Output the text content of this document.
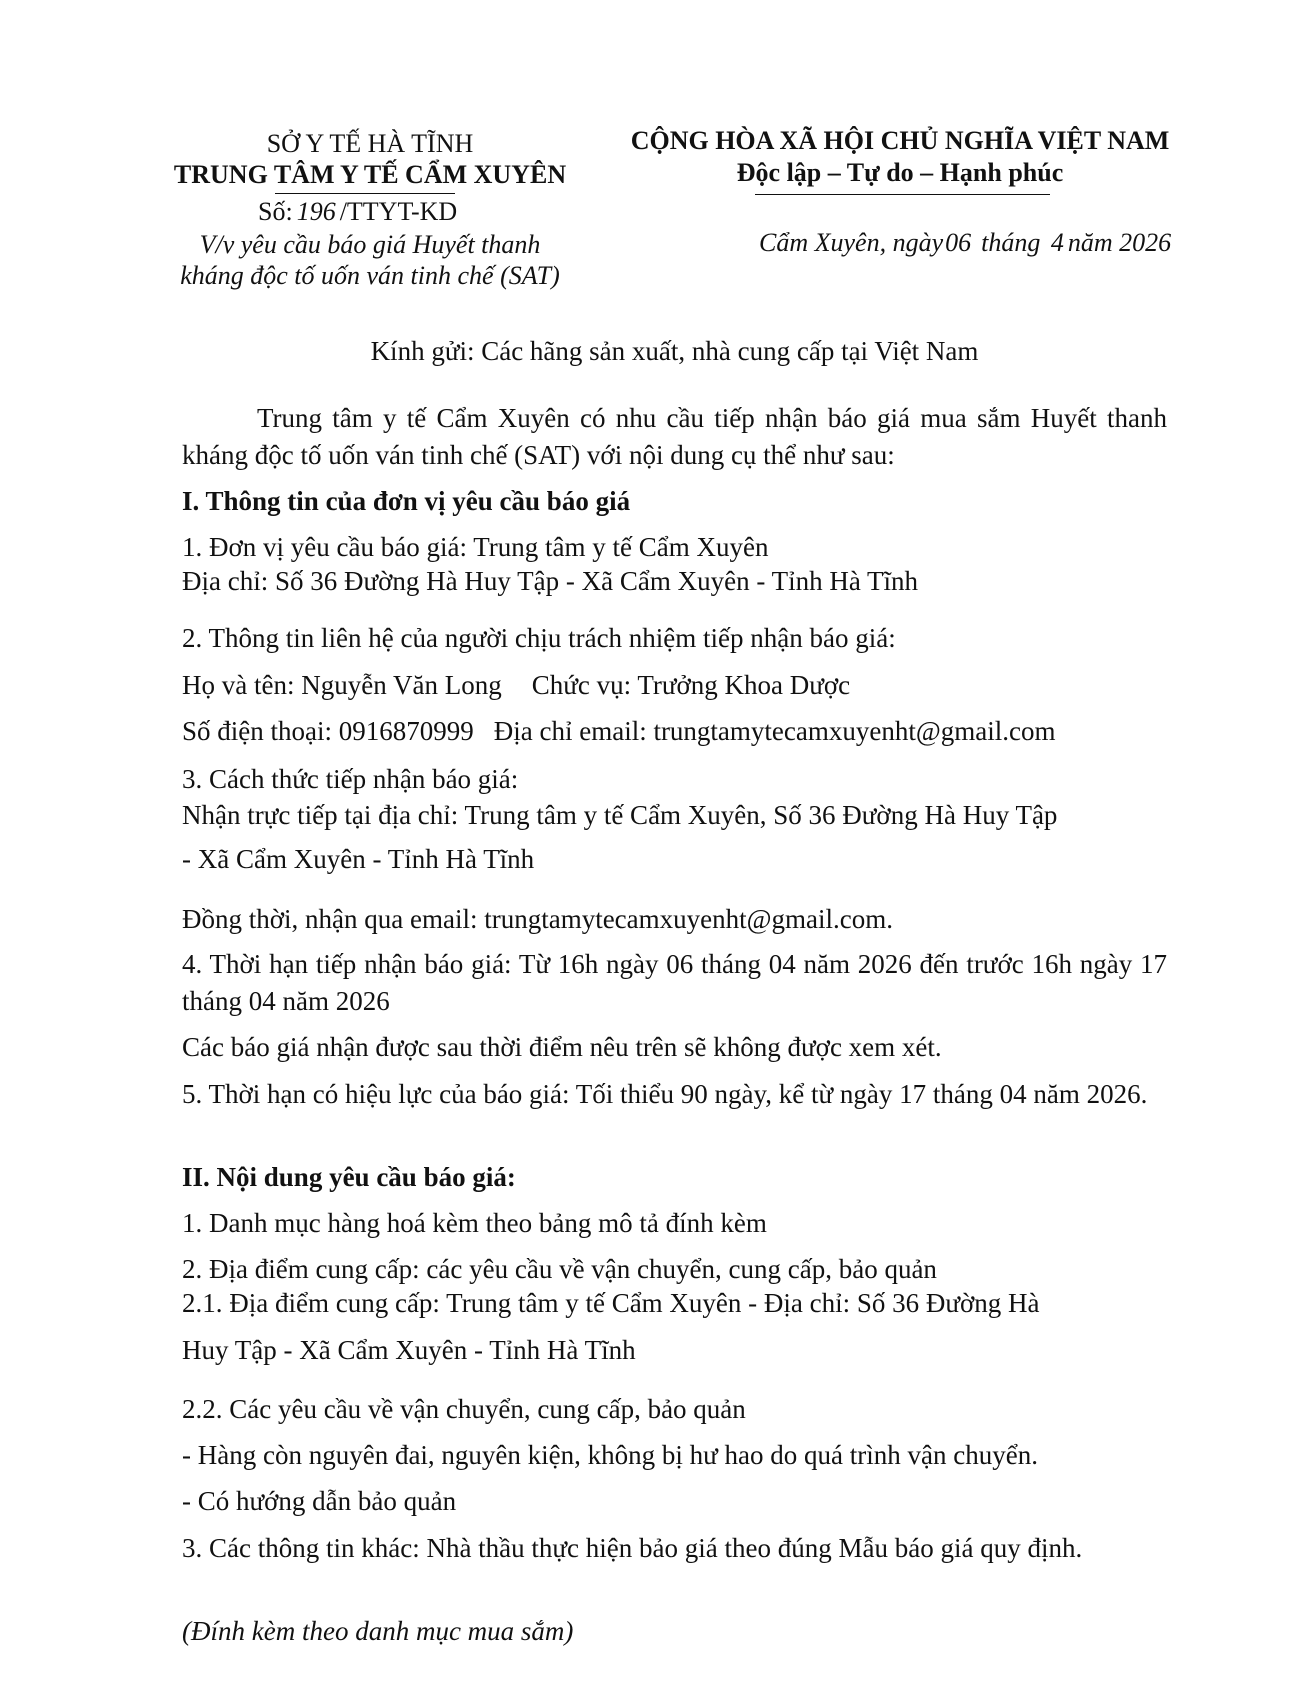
SỞ Y TẾ HÀ TĨNH
TRUNG TÂM Y TẾ CẨM XUYÊN
Số: 196 /TTYT-KD
V/v yêu cầu báo giá Huyết thanh
kháng độc tố uốn ván tinh chế (SAT)
CỘNG HÒA XÃ HỘI CHỦ NGHĨA VIỆT NAM
Độc lập – Tự do – Hạnh phúc
Cẩm Xuyên, ngày06 tháng 4 năm 2026
Kính gửi: Các hãng sản xuất, nhà cung cấp tại Việt Nam
Trung tâm y tế Cẩm Xuyên có nhu cầu tiếp nhận báo giá mua sắm Huyết thanh kháng độc tố uốn ván tinh chế (SAT) với nội dung cụ thể như sau:
I. Thông tin của đơn vị yêu cầu báo giá
1. Đơn vị yêu cầu báo giá: Trung tâm y tế Cẩm Xuyên
Địa chỉ: Số 36 Đường Hà Huy Tập - Xã Cẩm Xuyên - Tỉnh Hà Tĩnh
2. Thông tin liên hệ của người chịu trách nhiệm tiếp nhận báo giá:
Họ và tên: Nguyễn Văn Long Chức vụ: Trưởng Khoa Dược
Số điện thoại: 0916870999 Địa chỉ email: trungtamytecamxuyenht@gmail.com
3. Cách thức tiếp nhận báo giá:
Nhận trực tiếp tại địa chỉ: Trung tâm y tế Cẩm Xuyên, Số 36 Đường Hà Huy Tập
- Xã Cẩm Xuyên - Tỉnh Hà Tĩnh
Đồng thời, nhận qua email: trungtamytecamxuyenht@gmail.com.
4. Thời hạn tiếp nhận báo giá: Từ 16h ngày 06 tháng 04 năm 2026 đến trước 16h ngày 17 tháng 04 năm 2026
Các báo giá nhận được sau thời điểm nêu trên sẽ không được xem xét.
5. Thời hạn có hiệu lực của báo giá: Tối thiểu 90 ngày, kể từ ngày 17 tháng 04 năm 2026.
II. Nội dung yêu cầu báo giá:
1. Danh mục hàng hoá kèm theo bảng mô tả đính kèm
2. Địa điểm cung cấp: các yêu cầu về vận chuyển, cung cấp, bảo quản
2.1. Địa điểm cung cấp: Trung tâm y tế Cẩm Xuyên - Địa chỉ: Số 36 Đường Hà
Huy Tập - Xã Cẩm Xuyên - Tỉnh Hà Tĩnh
2.2. Các yêu cầu về vận chuyển, cung cấp, bảo quản
- Hàng còn nguyên đai, nguyên kiện, không bị hư hao do quá trình vận chuyển.
- Có hướng dẫn bảo quản
3. Các thông tin khác: Nhà thầu thực hiện bảo giá theo đúng Mẫu báo giá quy định.
(Đính kèm theo danh mục mua sắm)
